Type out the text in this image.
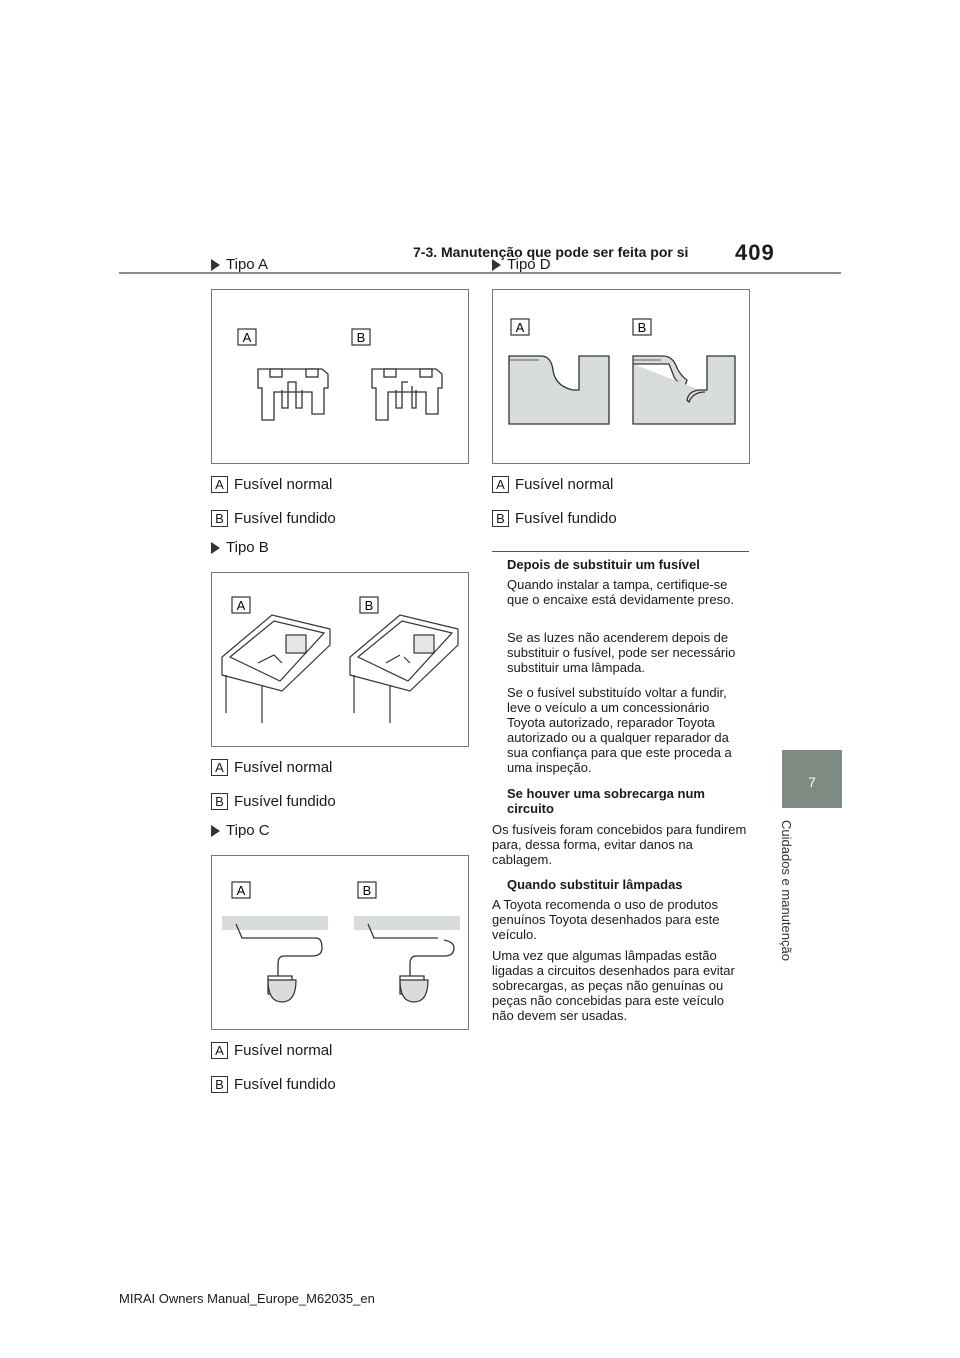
7-3. Manutenção que pode ser feita por si 409
7
Cuidados e manutenção
Tipo A
A	B
A Fusível normal
B Fusível fundido
Tipo B
A	B
A Fusível normal
B Fusível fundido
Tipo C
A	B
A Fusível normal
B Fusível fundido
Tipo D
A	B
A Fusível normal
B Fusível fundido
Depois de substituir um fusível
Quando instalar a tampa, certifique-se que o encaixe está devidamente preso.
Se as luzes não acenderem depois de substituir o fusível, pode ser necessário substituir uma lâmpada.
Se o fusível substituído voltar a fundir, leve o veículo a um concessionário Toyota autorizado, reparador Toyota autorizado ou a qualquer reparador da sua confiança para que este proceda a uma inspeção.
Se houver uma sobrecarga num circuito
Os fusíveis foram concebidos para fundirem para, dessa forma, evitar danos na cablagem.
Quando substituir lâmpadas
A Toyota recomenda o uso de produtos genuínos Toyota desenhados para este veículo.
Uma vez que algumas lâmpadas estão ligadas a circuitos desenhados para evitar sobrecargas, as peças não genuínas ou peças não concebidas para este veículo não devem ser usadas.
MIRAI Owners Manual_Europe_M62035_en
